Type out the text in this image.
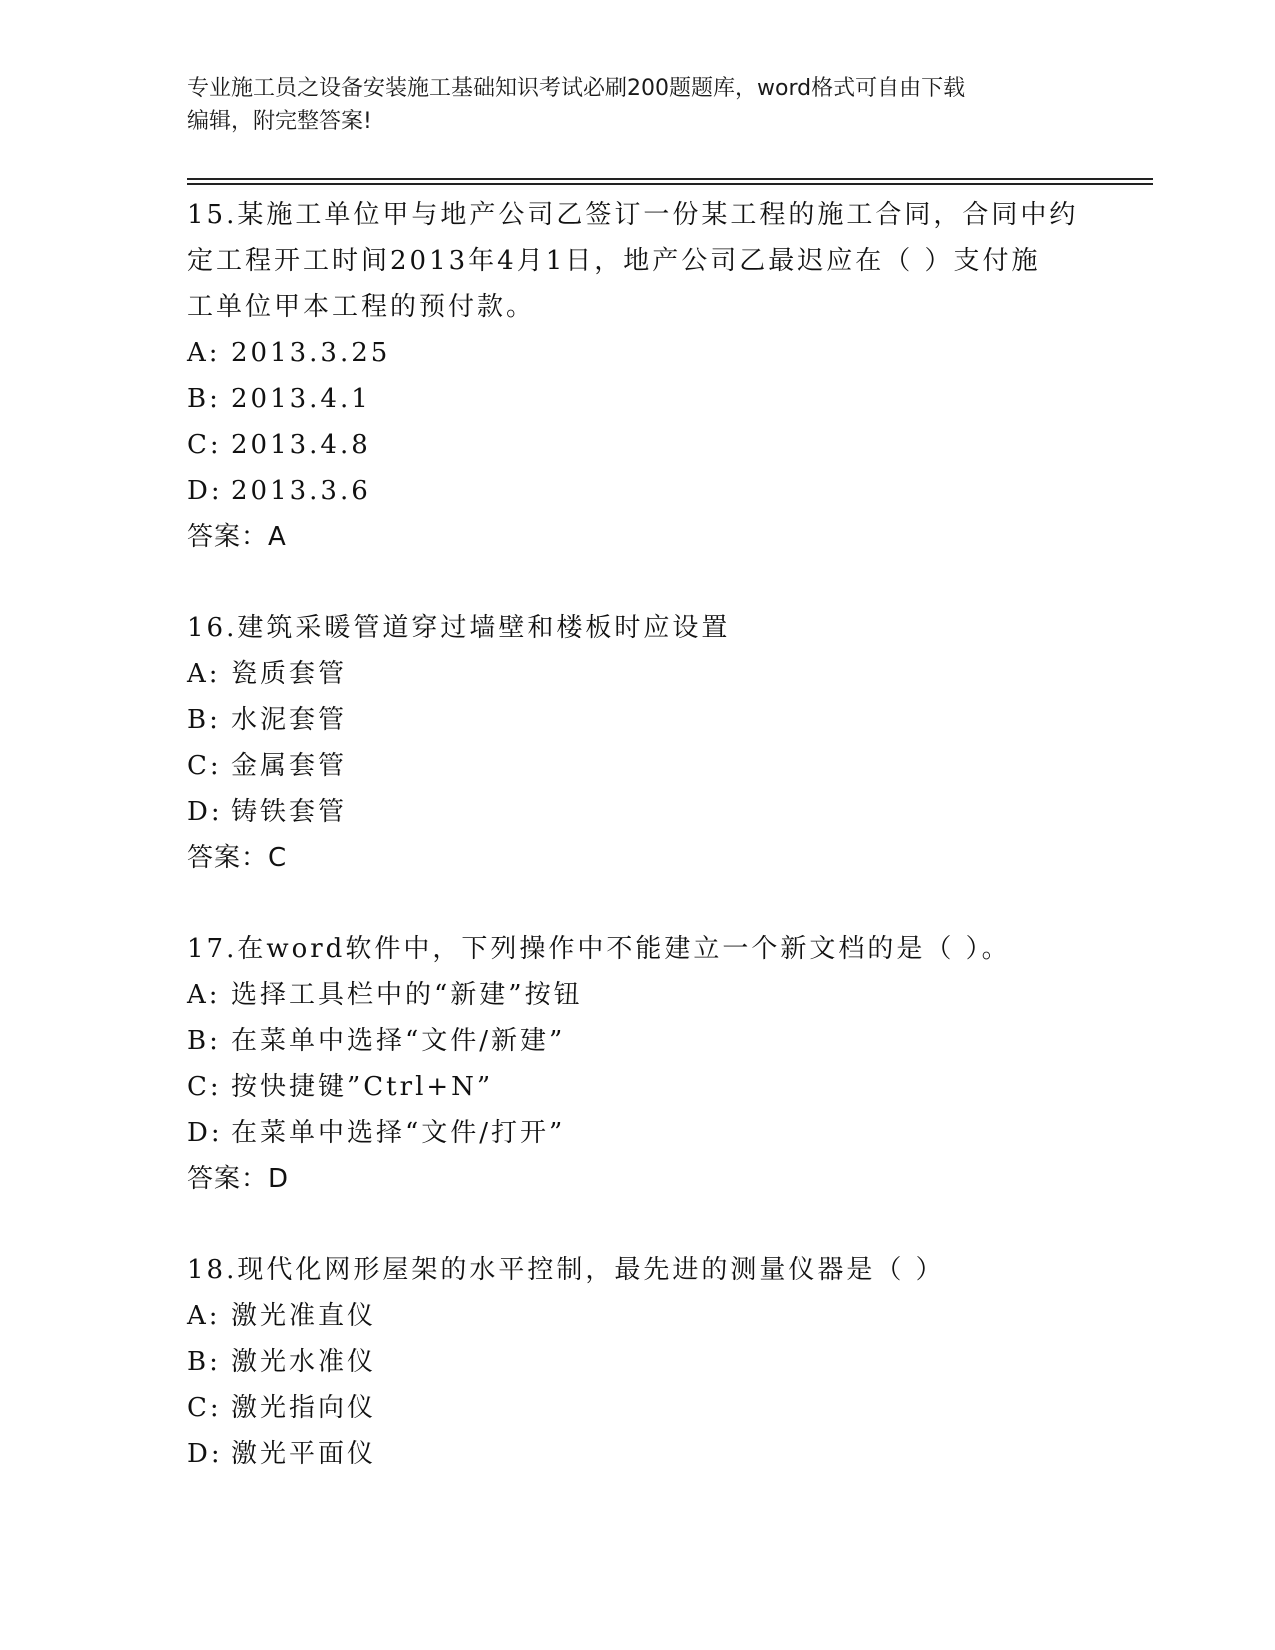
专业施工员之设备安装施工基础知识考试必刷200题题库，word格式可自由下载
编辑，附完整答案!
15.某施工单位甲与地产公司乙签订一份某工程的施工合同，合同中约
定工程开工时间2013年4月1日，地产公司乙最迟应在（ ）支付施
工单位甲本工程的预付款。
A: 2013.3.25
B: 2013.4.1
C: 2013.4.8
D: 2013.3.6
答案：A
16.建筑采暖管道穿过墙壁和楼板时应设置
A: 瓷质套管
B: 水泥套管
C: 金属套管
D: 铸铁套管
答案：C
17.在word软件中，下列操作中不能建立一个新文档的是（ ）。
A: 选择工具栏中的“新建”按钮
B: 在菜单中选择“文件/新建”
C: 按快捷键”Ctrl+N”
D: 在菜单中选择“文件/打开”
答案：D
18.现代化网形屋架的水平控制，最先进的测量仪器是（ ）
A: 激光准直仪
B: 激光水准仪
C: 激光指向仪
D: 激光平面仪
